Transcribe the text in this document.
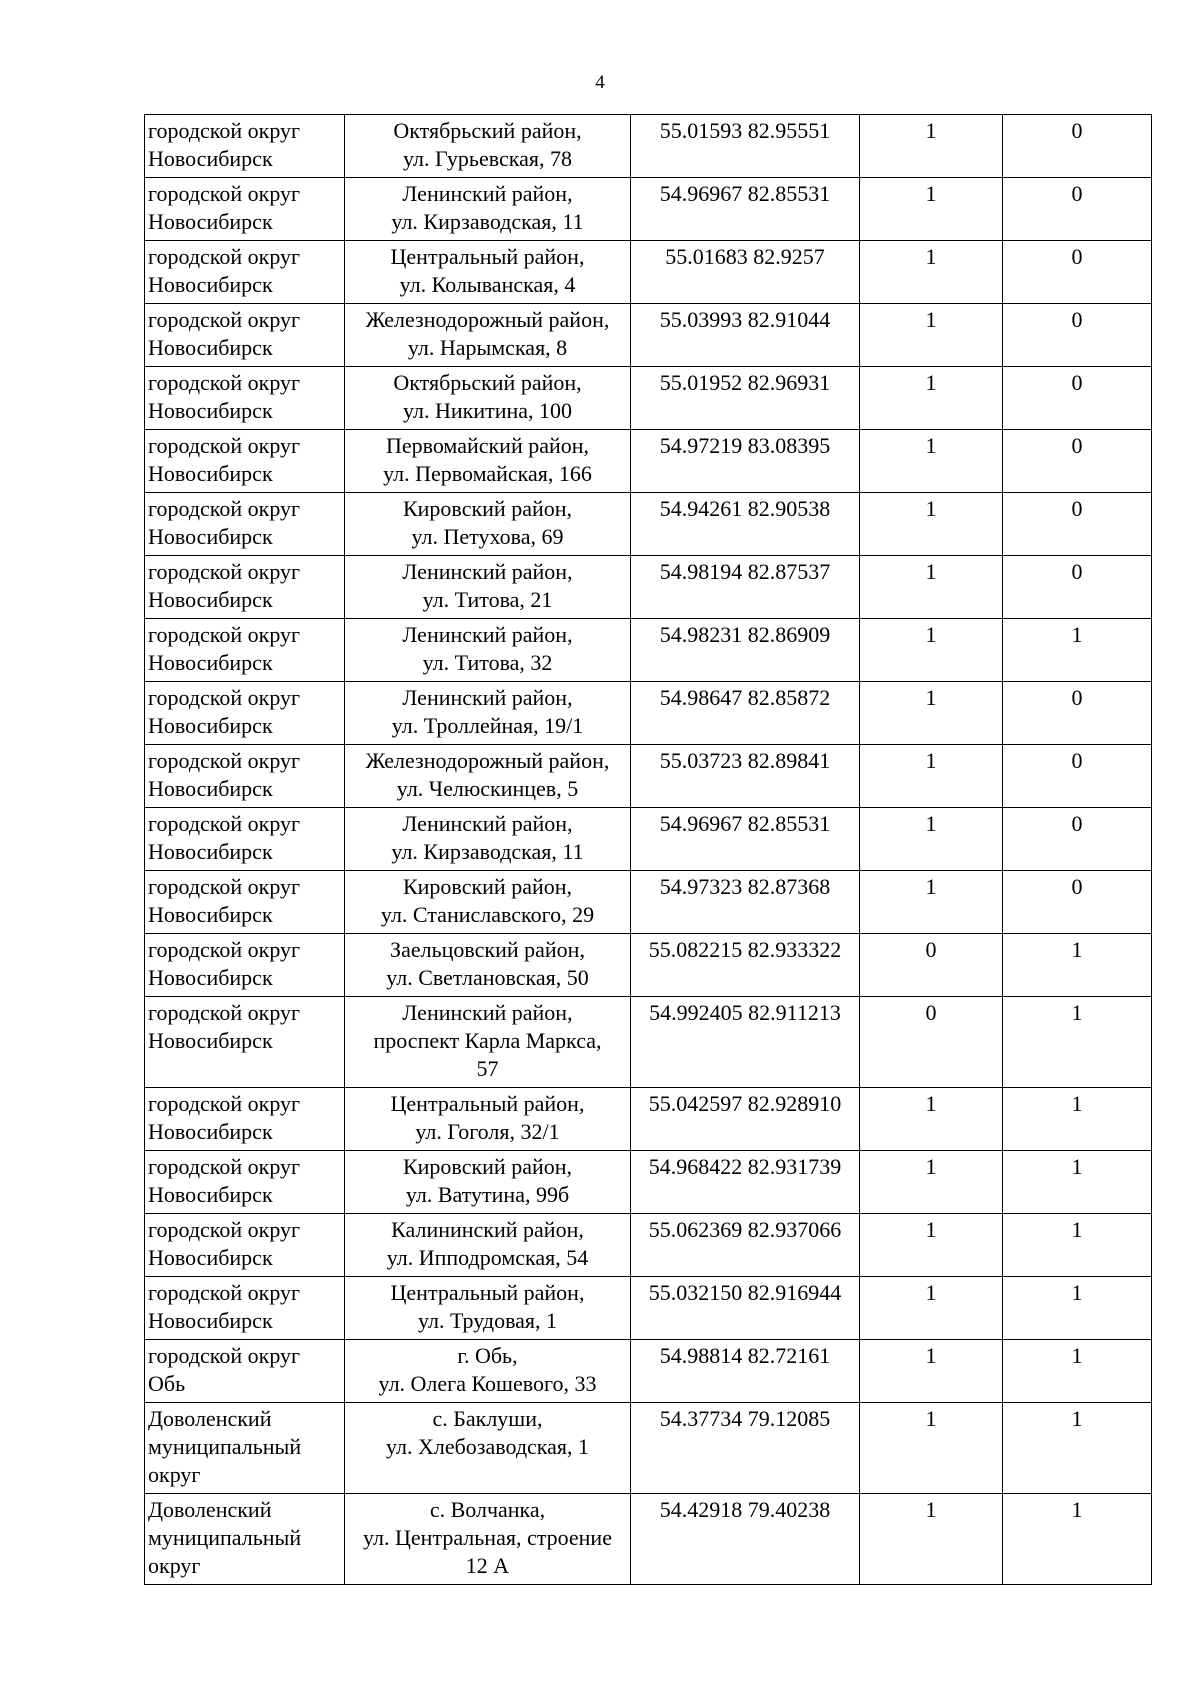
4
городской округ
Новосибирск	Октябрьский район,
ул. Гурьевская, 78	55.01593 82.95551	1	0

городской округ
Новосибирск	Ленинский район,
ул. Кирзаводская, 11	54.96967 82.85531	1	0

городской округ
Новосибирск	Центральный район,
ул. Колыванская, 4	55.01683 82.9257	1	0

городской округ
Новосибирск	Железнодорожный район,
ул. Нарымская, 8	55.03993 82.91044	1	0

городской округ
Новосибирск	Октябрьский район,
ул. Никитина, 100	55.01952 82.96931	1	0

городской округ
Новосибирск	Первомайский район,
ул. Первомайская, 166	54.97219 83.08395	1	0

городской округ
Новосибирск	Кировский район,
ул. Петухова, 69	54.94261 82.90538	1	0

городской округ
Новосибирск	Ленинский район,
ул. Титова, 21	54.98194 82.87537	1	0

городской округ
Новосибирск	Ленинский район,
ул. Титова, 32	54.98231 82.86909	1	1

городской округ
Новосибирск	Ленинский район,
ул. Троллейная, 19/1	54.98647 82.85872	1	0

городской округ
Новосибирск	Железнодорожный район,
ул. Челюскинцев, 5	55.03723 82.89841	1	0

городской округ
Новосибирск	Ленинский район,
ул. Кирзаводская, 11	54.96967 82.85531	1	0

городской округ
Новосибирск	Кировский район,
ул. Станиславского, 29	54.97323 82.87368	1	0

городской округ
Новосибирск	Заельцовский район,
ул. Светлановская, 50	55.082215 82.933322	0	1

городской округ
Новосибирск	Ленинский район,
проспект Карла Маркса,
57	54.992405 82.911213	0	1

городской округ
Новосибирск	Центральный район,
ул. Гоголя, 32/1	55.042597 82.928910	1	1

городской округ
Новосибирск	Кировский район,
ул. Ватутина, 99б	54.968422 82.931739	1	1

городской округ
Новосибирск	Калининский район,
ул. Ипподромская, 54	55.062369 82.937066	1	1

городской округ
Новосибирск	Центральный район,
ул. Трудовая, 1	55.032150 82.916944	1	1

городской округ
Обь	г. Обь,
ул. Олега Кошевого, 33	54.98814 82.72161	1	1

Доволенский
муниципальный
округ	с. Баклуши,
ул. Хлебозаводская, 1	54.37734 79.12085	1	1

Доволенский
муниципальный
округ	с. Волчанка,
ул. Центральная, строение
12 А	54.42918 79.40238	1	1
